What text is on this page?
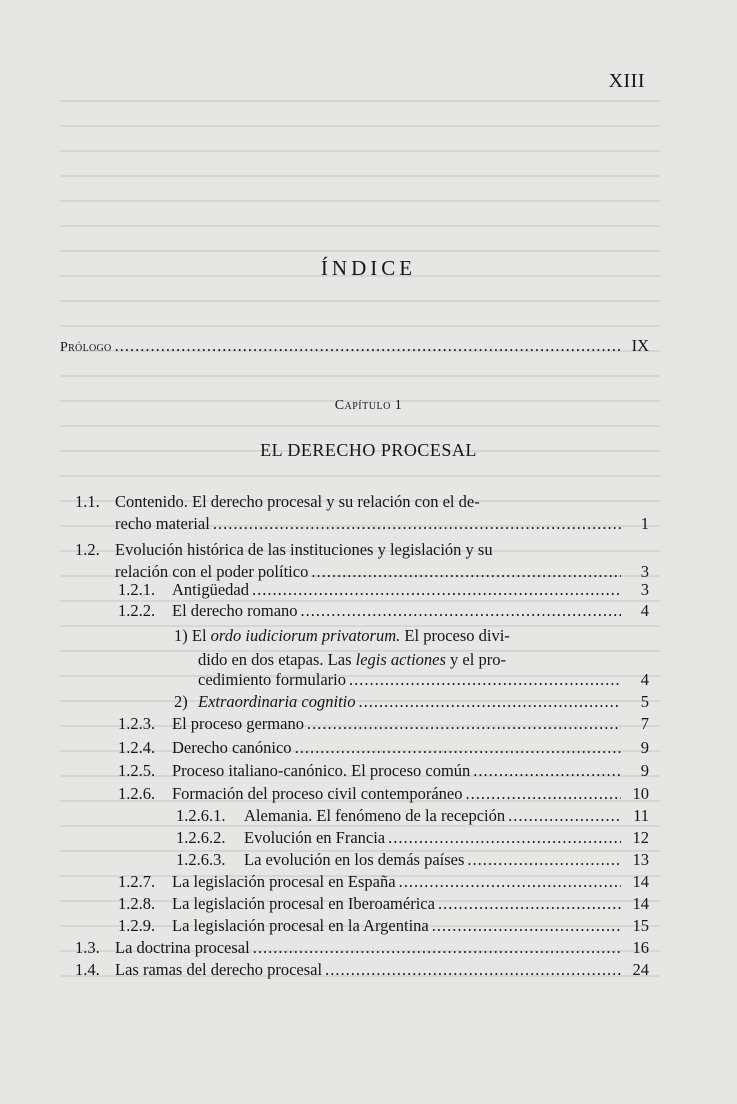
XIII
ÍNDICE
Prólogo .....	IX
Capítulo 1
EL DERECHO PROCESAL
1.1. Contenido. El derecho procesal y su relación con el de-
recho material .....	1
1.2. Evolución histórica de las instituciones y legislación y su
relación con el poder político .....	3
1.2.1.	Antigüedad .....	3
1.2.2.	El derecho romano .....	4
1) El ordo iudiciorum privatorum. El proceso divi-
dido en dos etapas. Las legis actiones y el pro-
cedimiento formulario .....	4
2) Extraordinaria cognitio .....	5
1.2.3.	El proceso germano .....	7
1.2.4.	Derecho canónico .....	9
1.2.5.	Proceso italiano-canónico. El proceso común .....	9
1.2.6.	Formación del proceso civil contemporáneo .....	10
1.2.6.1.	Alemania. El fenómeno de la recepción .....	11
1.2.6.2.	Evolución en Francia .....	12
1.2.6.3.	La evolución en los demás países .....	13
1.2.7.	La legislación procesal en España .....	14
1.2.8.	La legislación procesal en Iberoamérica .....	14
1.2.9.	La legislación procesal en la Argentina .....	15
1.3. La doctrina procesal .....	16
1.4. Las ramas del derecho procesal .....	24
